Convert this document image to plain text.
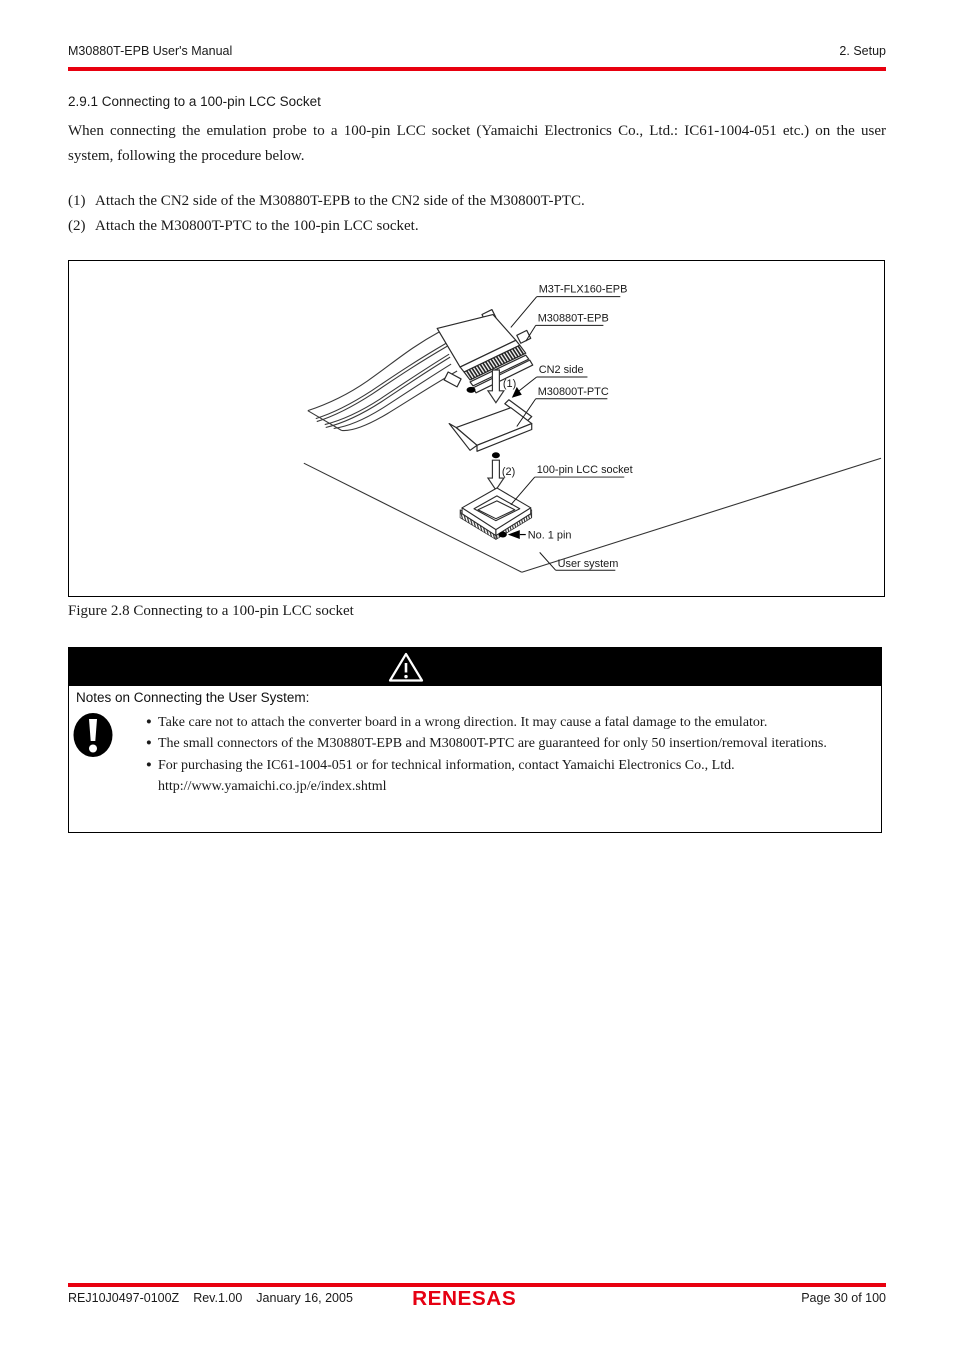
M30880T-EPB User's Manual	2. Setup
2.9.1 Connecting to a 100-pin LCC Socket
When connecting the emulation probe to a 100-pin LCC socket (Yamaichi Electronics Co., Ltd.: IC61-1004-051 etc.) on the user system, following the procedure below.
(1) Attach the CN2 side of the M30880T-EPB to the CN2 side of the M30800T-PTC.
(2) Attach the M30800T-PTC to the 100-pin LCC socket.
(1)
(2)
No. 1 pin
M3T-FLX160-EPB
M30880T-EPB
CN2 side
M30800T-PTC
100-pin LCC socket
User system
Figure 2.8 Connecting to a 100-pin LCC socket
Notes on Connecting the User System:
● Take care not to attach the converter board in a wrong direction. It may cause a fatal damage to the emulator.
● The small connectors of the M30880T-EPB and M30800T-PTC are guaranteed for only 50 insertion/removal iterations.
● For purchasing the IC61-1004-051 or for technical information, contact Yamaichi Electronics Co., Ltd.
http://www.yamaichi.co.jp/e/index.shtml
REJ10J0497-0100Z Rev.1.00 January 16, 2005	RENESAS	Page 30 of 100
